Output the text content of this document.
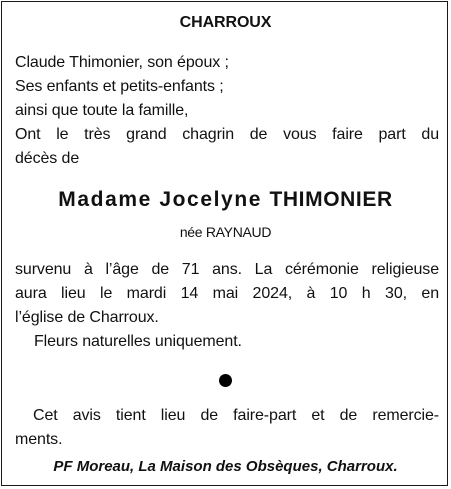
CHARROUX
Claude Thimonier, son époux ;
Ses enfants et petits-enfants ;
ainsi que toute la famille,
Ont le très grand chagrin de vous faire part du
décès de
Madame Jocelyne THIMONIER
née RAYNAUD
survenu à l’âge de 71 ans. La cérémonie religieuse
aura lieu le mardi 14 mai 2024, à 10 h 30, en
l’église de Charroux.
Fleurs naturelles uniquement.
Cet avis tient lieu de faire-part et de remercie-
ments.
PF Moreau, La Maison des Obsèques, Charroux.
